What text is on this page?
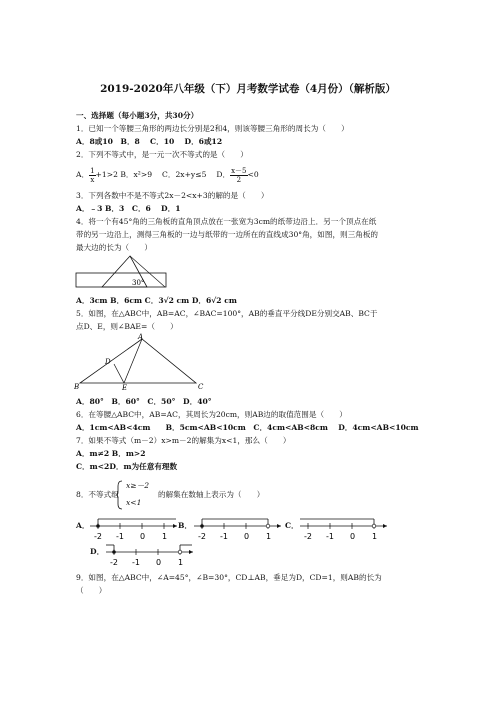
2019-2020年八年级（下）月考数学试卷（4月份）（解析版）
一、选择题（每小题3分，共30分）
1．已知一个等腰三角形的两边长分别是2和4，则该等腰三角形的周长为（　　）
A．8或10　B．8　 C．10　 D．6或12
2．下列不等式中，是一元一次不等式的是（　　）
A． $\frac{1}{x} +1>2$ B．x²>9　 C．2x+y≤5　 D． $\frac{x-5}{2} <0$
3．下列各数中不是不等式2x－2<x+3的解的是（　　）
A．﹣3 B．3　C．6　 D．1
4．将一个有45°角的三角板的直角顶点放在一张宽为3cm的纸带边沿上．另一个顶点在纸
带的另一边沿上，测得三角板的一边与纸带的一边所在的直线成30°角，如图，则三角板的
最大边的长为（　　）
30°
A．3cm B．6cm C．3√2 cm D．6√2 cm
5．如图，在△ABC中，AB=AC，∠BAC=100°，AB的垂直平分线DE分别交AB、BC于
点D、E，则∠BAE=（　　）
A
B	C
D
E
A．80°　B．60°　C．50°　D．40°
6．在等腰△ABC中，AB=AC，其周长为20cm，则AB边的取值范围是（　　）
A．1cm<AB<4cm　　B．5cm<AB<10cm　C．4cm<AB<8cm　 D．4cm<AB<10cm
7．如果不等式（m－2）x>m－2的解集为x<1，那么（　　）
A．m≠2 B．m>2
C．m<2D．m为任意有理数
8．不等式组
x≥－2
x<1
的解集在数轴上表示为（　　）
A．	B．	C．
D．
-2 -1 0 1	-2 -1 0 1	-2 -1 0 1
-2 -1 0 1
9．如图，在△ABC中，∠A=45°，∠B=30°，CD⊥AB，垂足为D，CD=1，则AB的长为
（　　）
